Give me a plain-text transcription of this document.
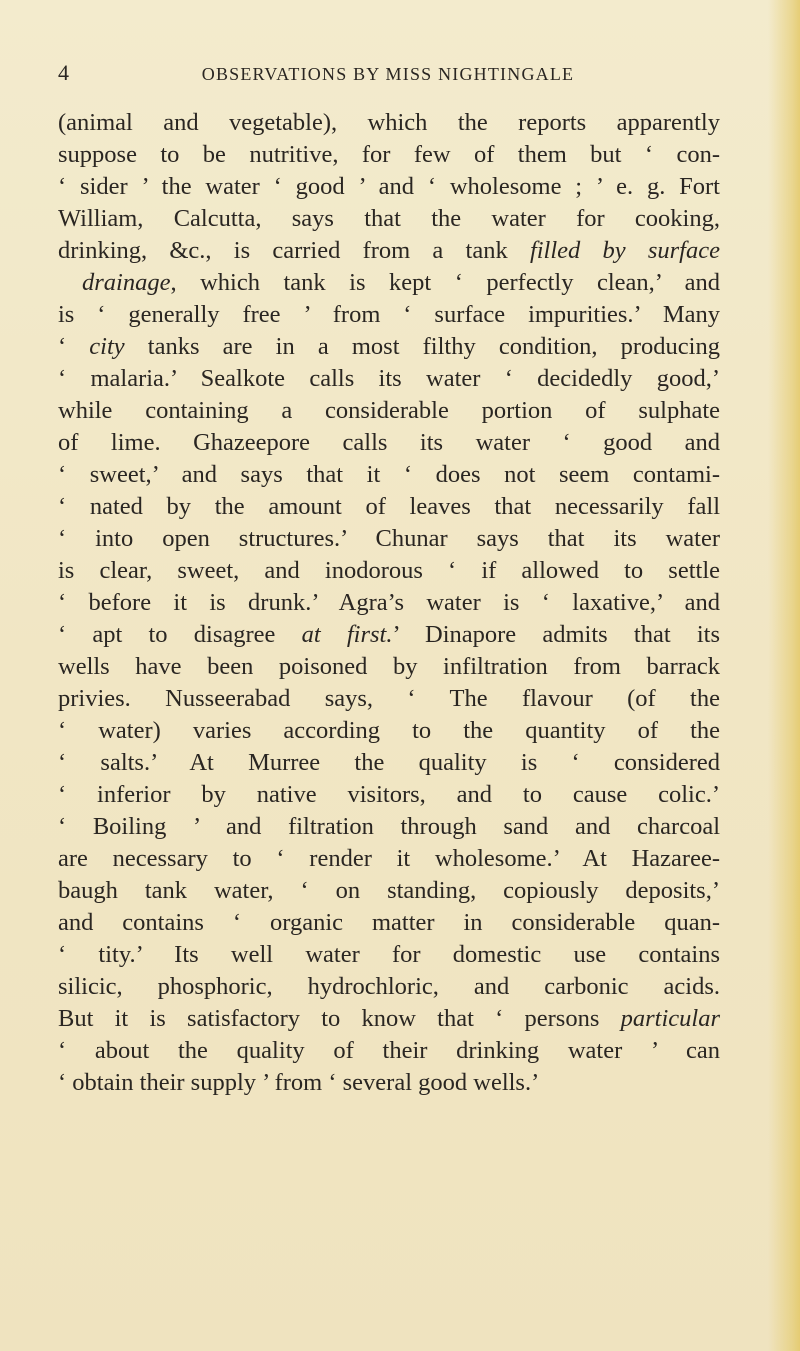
4	OBSERVATIONS BY MISS NIGHTINGALE
(animal and vegetable), which the reports apparently
suppose to be nutritive, for few of them but ‘ con-
‘ sider ’ the water ‘ good ’ and ‘ wholesome ; ’ e. g. Fort
William, Calcutta, says that the water for cooking,
drinking, &c., is carried from a tank filled by surface
drainage, which tank is kept ‘ perfectly clean,’ and
is ‘ generally free ’ from ‘ surface impurities.’ Many
‘ city tanks are in a most filthy condition, producing
‘ malaria.’ Sealkote calls its water ‘ decidedly good,’
while containing a considerable portion of sulphate
of lime. Ghazeepore calls its water ‘ good and
‘ sweet,’ and says that it ‘ does not seem contami-
‘ nated by the amount of leaves that necessarily fall
‘ into open structures.’ Chunar says that its water
is clear, sweet, and inodorous ‘ if allowed to settle
‘ before it is drunk.’ Agra’s water is ‘ laxative,’ and
‘ apt to disagree at first.’ Dinapore admits that its
wells have been poisoned by infiltration from barrack
privies. Nusseerabad says, ‘ The flavour (of the
‘ water) varies according to the quantity of the
‘ salts.’ At Murree the quality is ‘ considered
‘ inferior by native visitors, and to cause colic.’
‘ Boiling ’ and filtration through sand and charcoal
are necessary to ‘ render it wholesome.’ At Hazaree-
baugh tank water, ‘ on standing, copiously deposits,’
and contains ‘ organic matter in considerable quan-
‘ tity.’ Its well water for domestic use contains
silicic, phosphoric, hydrochloric, and carbonic acids.
But it is satisfactory to know that ‘ persons particular
‘ about the quality of their drinking water ’ can
‘ obtain their supply ’ from ‘ several good wells.’
